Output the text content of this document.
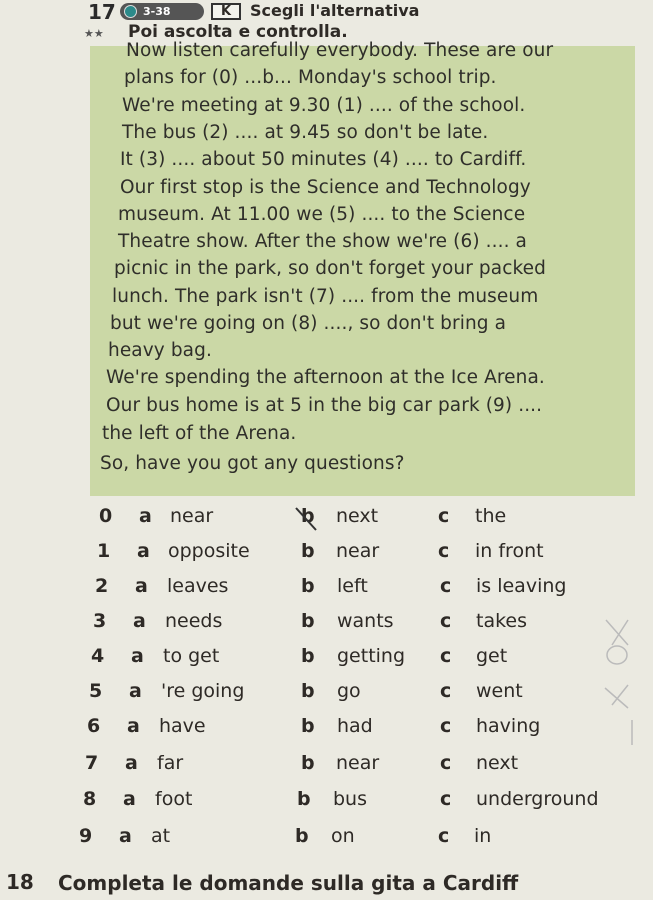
17 3-38	K	Scegli l'alternativa
★★ Poi ascolta e controlla.
Now listen carefully everybody. These are our
plans for (0) ...b... Monday's school trip.
We're meeting at 9.30 (1) .... of the school.
The bus (2) .... at 9.45 so don't be late.
It (3) .... about 50 minutes (4) .... to Cardiff.
Our first stop is the Science and Technology
museum. At 11.00 we (5) .... to the Science
Theatre show. After the show we're (6) .... a
picnic in the park, so don't forget your packed
lunch. The park isn't (7) .... from the museum
but we're going on (8) ...., so don't bring a
heavy bag.
We're spending the afternoon at the Ice Arena.
Our bus home is at 5 in the big car park (9) ....
the left of the Arena.
So, have you got any questions?
0 a near	b next	c the
1 a opposite	b near	c in front
2 a leaves	b left	c is leaving
3 a needs	b wants c takes
4 a to get	b getting c get
5 a 're going	b go	c went
6 a have	b had	c having
7 a far	b near	c next
8 a foot	b bus	c underground
9 a at	b on	c in
18 Completa le domande sulla gita a Cardiff
